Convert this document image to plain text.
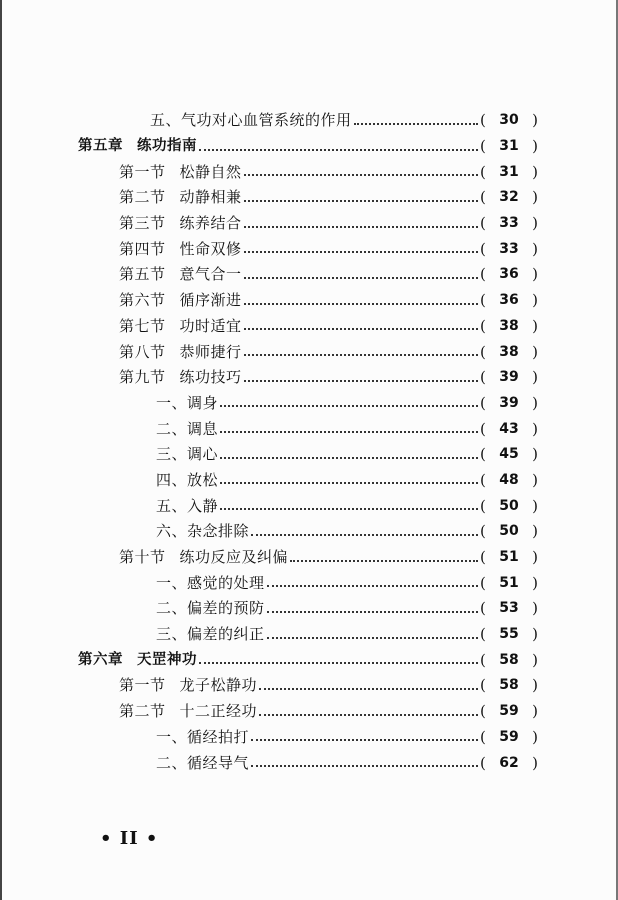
五、气功对心血管系统的作用	( 30 )
第五章 练功指南	( 31 )
第一节 松静自然	( 31 )
第二节 动静相兼	( 32 )
第三节 练养结合	( 33 )
第四节 性命双修	( 33 )
第五节 意气合一	( 36 )
第六节 循序渐进	( 36 )
第七节 功时适宜	( 38 )
第八节 恭师捷行	( 38 )
第九节 练功技巧	( 39 )
一、调身	( 39 )
二、调息	( 43 )
三、调心	( 45 )
四、放松	( 48 )
五、入静	( 50 )
六、杂念排除	( 50 )
第十节 练功反应及纠偏	( 51 )
一、感觉的处理	( 51 )
二、偏差的预防	( 53 )
三、偏差的纠正	( 55 )
第六章 天罡神功	( 58 )
第一节 龙子松静功	( 58 )
第二节 十二正经功	( 59 )
一、循经拍打	( 59 )
二、循经导气	( 62 )
• II •
